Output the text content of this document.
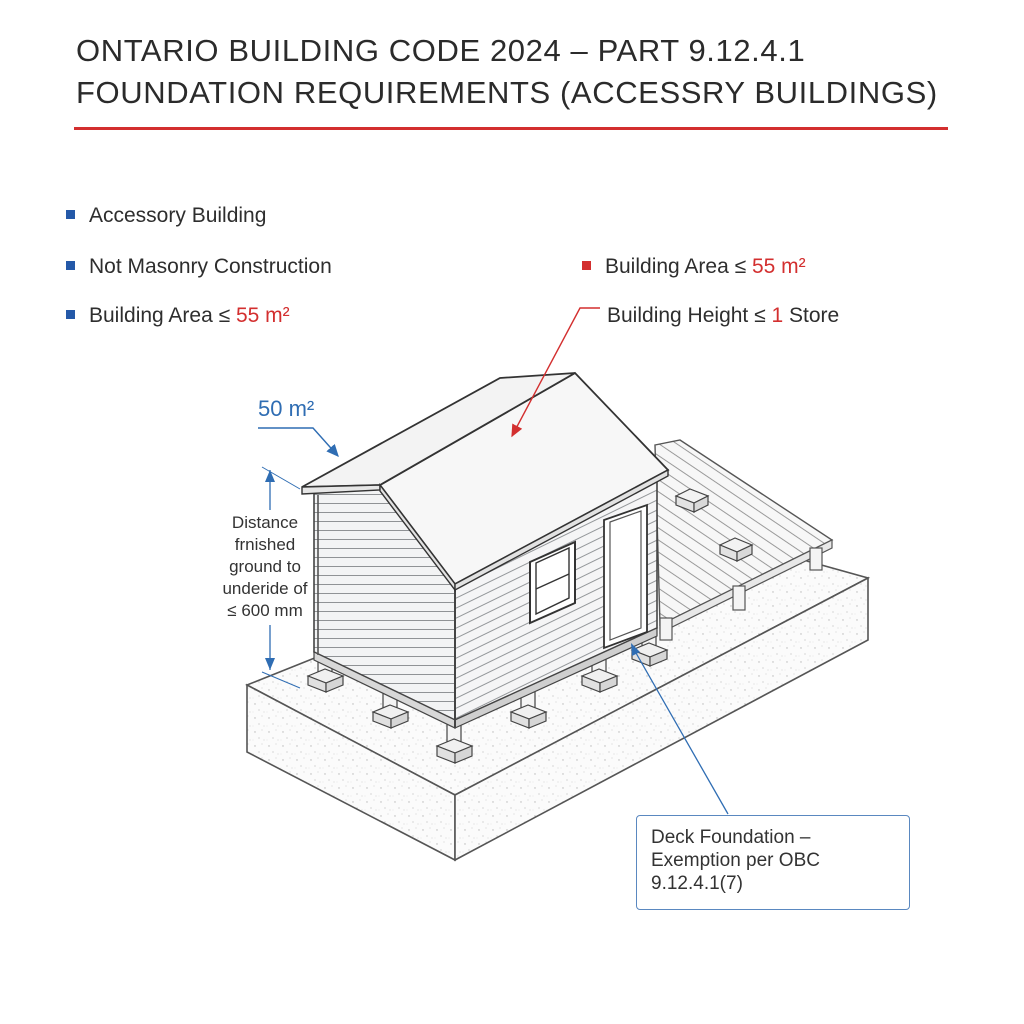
ONTARIO BUILDING CODE 2024 – PART 9.12.4.1
FOUNDATION REQUIREMENTS (ACCESSRY BUILDINGS)
Accessory Building
Not Masonry Construction
Building Area ≤ 55 m²
Building Area ≤ 55 m²
Building Height ≤ 1 Store
50 m²
Distance
frnished
ground to
underide of
≤ 600 mm
Deck Foundation –
Exemption per OBC
9.12.4.1(7)
